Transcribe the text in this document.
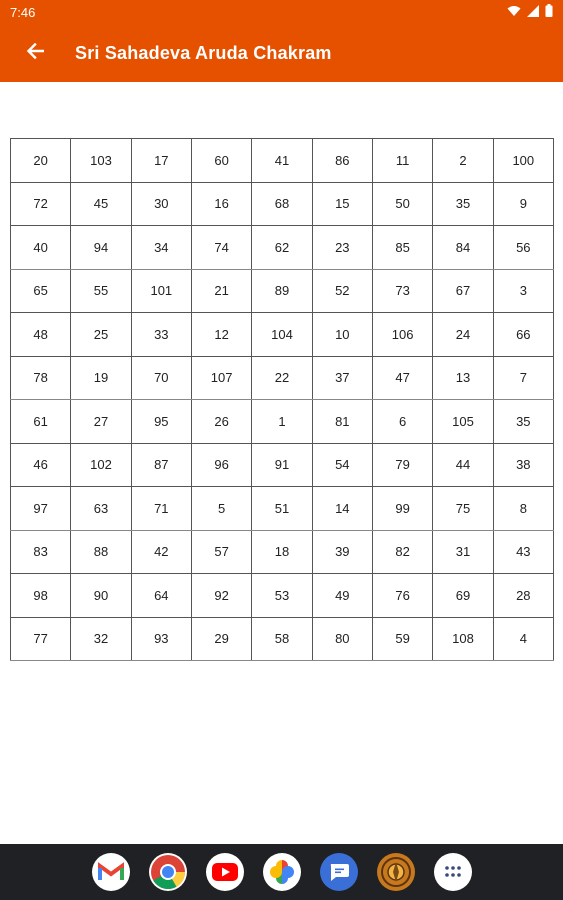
7:46
Sri Sahadeva Aruda Chakram
20	103	17	60	41	86	11	2	100
72	45	30	16	68	15	50	35	9
40	94	34	74	62	23	85	84	56
65	55	101	21	89	52	73	67	3
48	25	33	12	104	10	106	24	66
78	19	70	107	22	37	47	13	7
61	27	95	26	1	81	6	105	35
46	102	87	96	91	54	79	44	38
97	63	71	5	51	14	99	75	8
83	88	42	57	18	39	82	31	43
98	90	64	92	53	49	76	69	28
77	32	93	29	58	80	59	108	4
